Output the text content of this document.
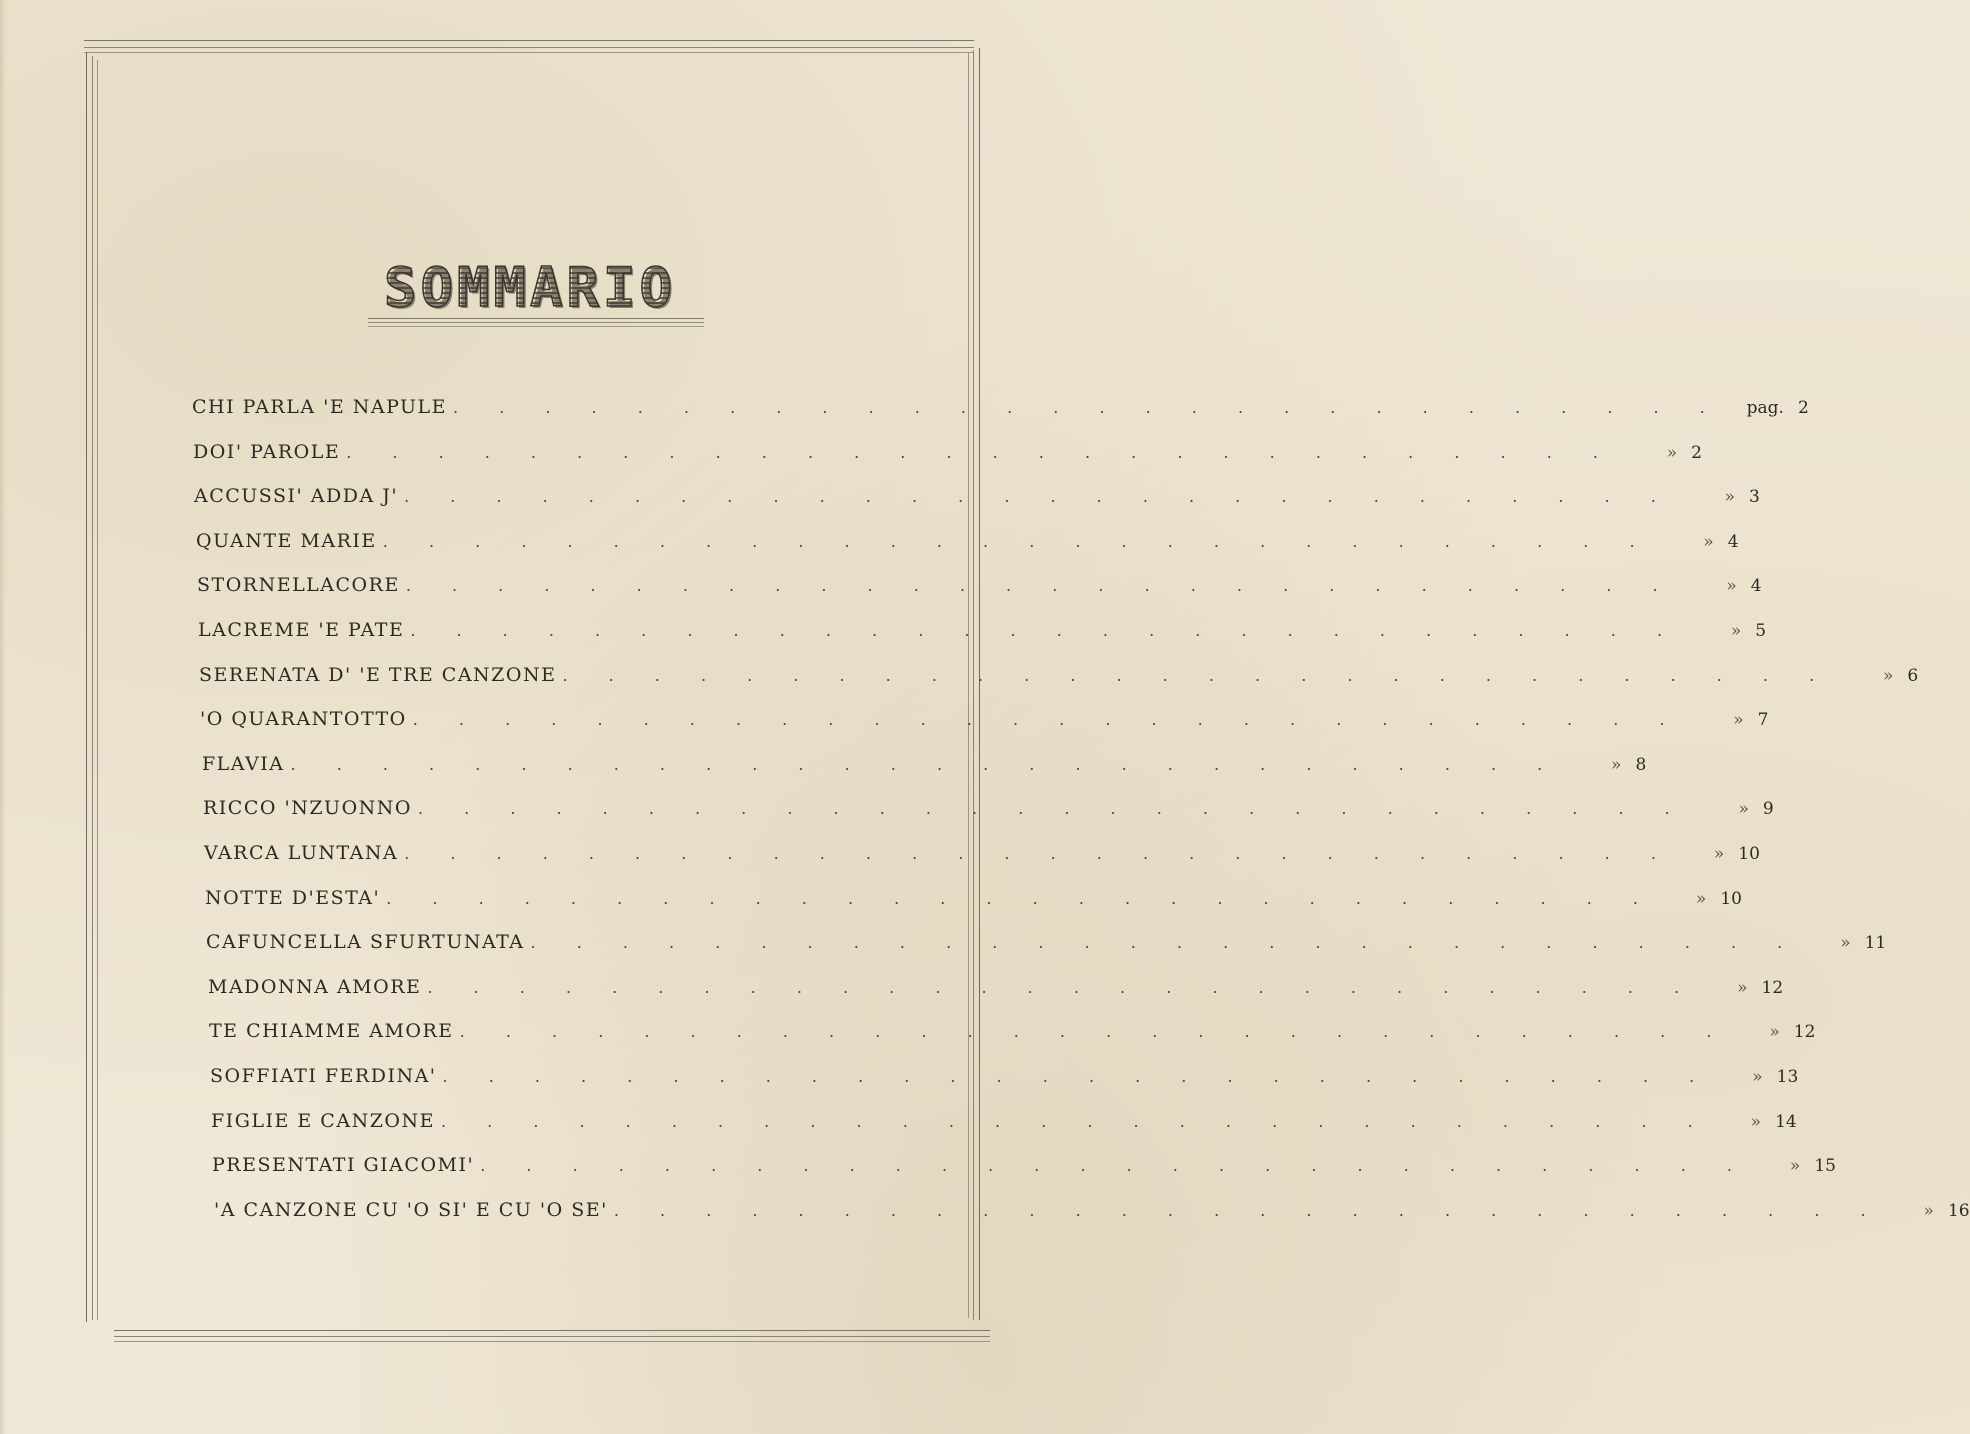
SOMMARIO
CHI PARLA 'E NAPULE . . . . . . . . . . . . . . . . . . . . . . . . . . . . pag. 2
DOI' PAROLE . . . . . . . . . . . . . . . . . . . . . . . . . . . .	» 2
ACCUSSI' ADDA J' . . . . . . . . . . . . . . . . . . . . . . . . . . . .	» 3
QUANTE MARIE . . . . . . . . . . . . . . . . . . . . . . . . . . . .	» 4
STORNELLACORE . . . . . . . . . . . . . . . . . . . . . . . . . . . .	» 4
LACREME 'E PATE . . . . . . . . . . . . . . . . . . . . . . . . . . . .	» 5
SERENATA D' 'E TRE CANZONE . . . . . . . . . . . . . . . . . . . . . . . . . . . .	» 6
'O QUARANTOTTO . . . . . . . . . . . . . . . . . . . . . . . . . . . .	» 7
FLAVIA . . . . . . . . . . . . . . . . . . . . . . . . . . . .	» 8
RICCO 'NZUONNO . . . . . . . . . . . . . . . . . . . . . . . . . . . .	» 9
VARCA LUNTANA . . . . . . . . . . . . . . . . . . . . . . . . . . . . » 10
NOTTE D'ESTA' . . . . . . . . . . . . . . . . . . . . . . . . . . . . » 10
CAFUNCELLA SFURTUNATA . . . . . . . . . . . . . . . . . . . . . . . . . . . . » 11
MADONNA AMORE . . . . . . . . . . . . . . . . . . . . . . . . . . . . » 12
TE CHIAMME AMORE . . . . . . . . . . . . . . . . . . . . . . . . . . . . » 12
SOFFIATI FERDINA' . . . . . . . . . . . . . . . . . . . . . . . . . . . . » 13
FIGLIE E CANZONE . . . . . . . . . . . . . . . . . . . . . . . . . . . . » 14
PRESENTATI GIACOMI' . . . . . . . . . . . . . . . . . . . . . . . . . . . . » 15
'A CANZONE CU 'O SI' E CU 'O SE' . . . . . . . . . . . . . . . . . . . . . . . . . . . . » 16
